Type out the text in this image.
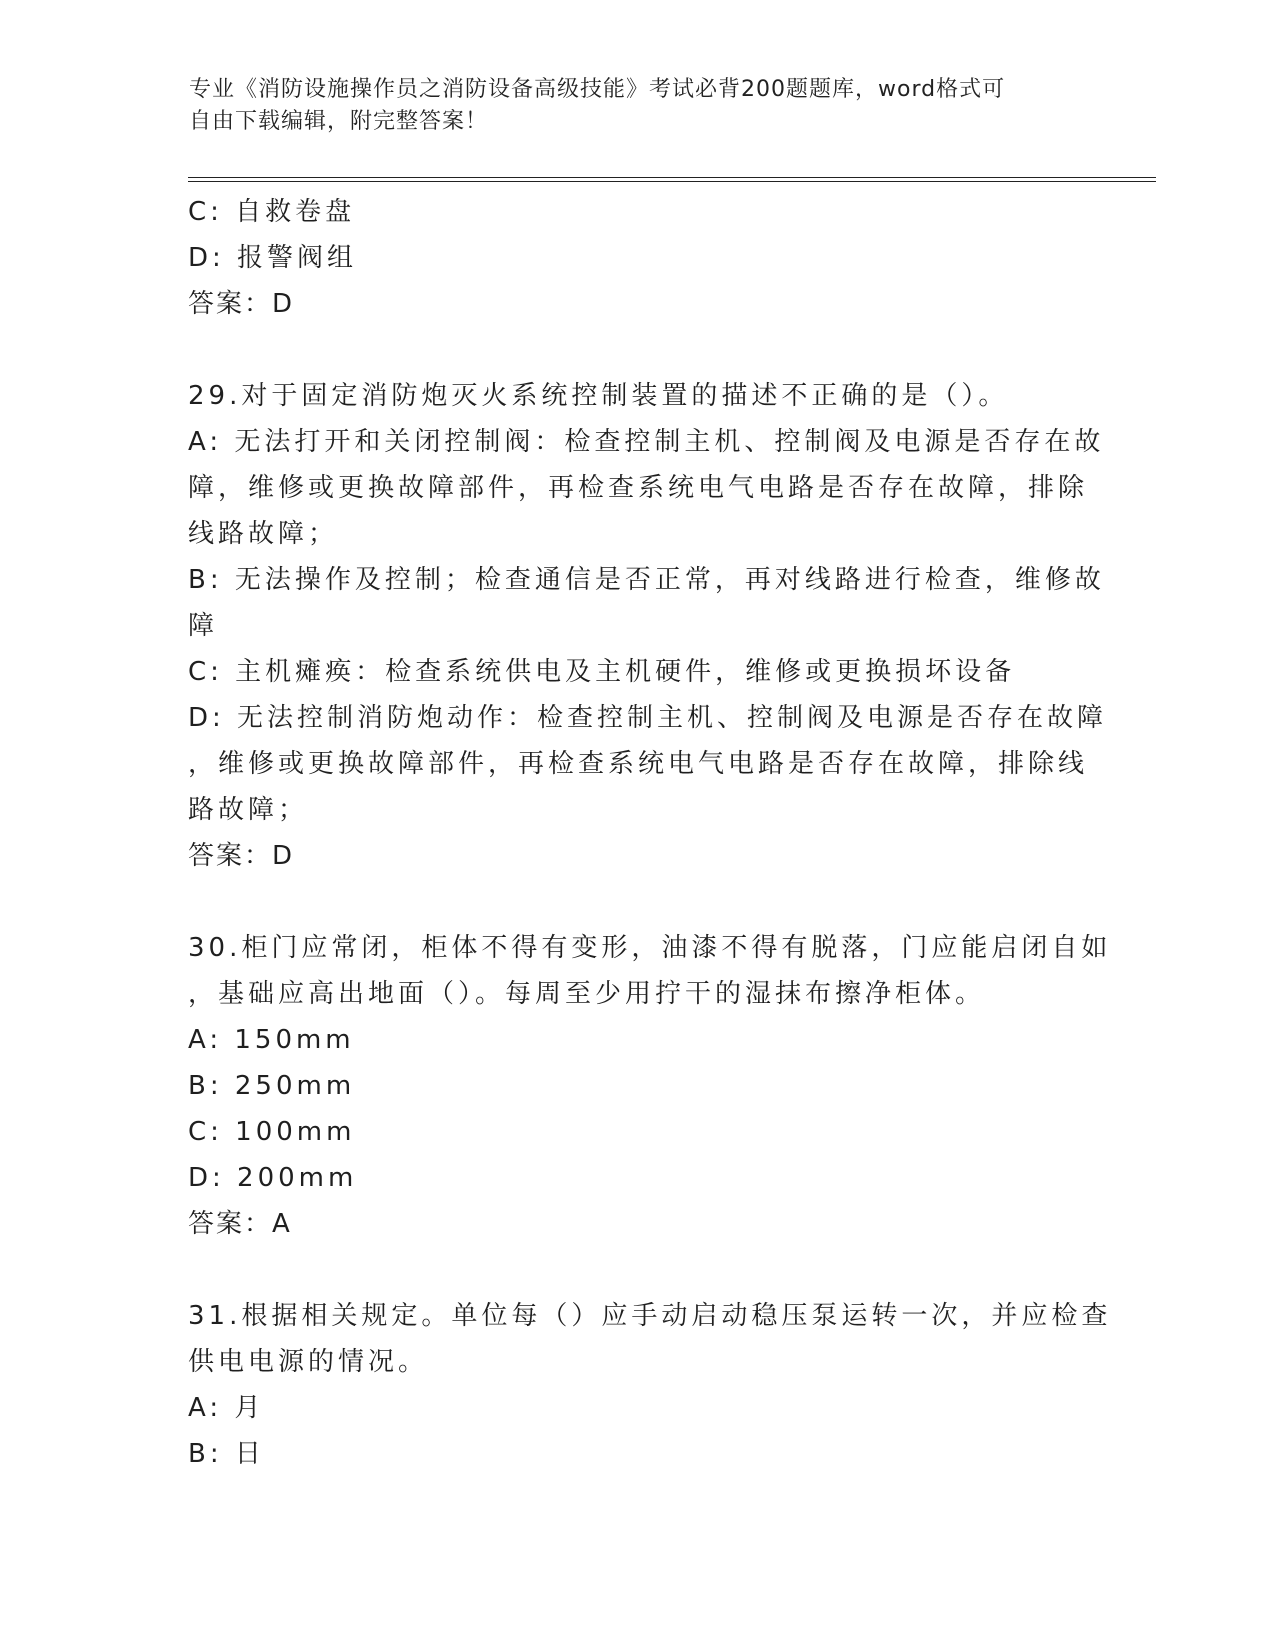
专业《消防设施操作员之消防设备高级技能》考试必背200题题库，word格式可
自由下载编辑，附完整答案！
C: 自救卷盘
D: 报警阀组
答案：D
29.对于固定消防炮灭火系统控制装置的描述不正确的是（）。
A: 无法打开和关闭控制阀：检查控制主机、控制阀及电源是否存在故
障，维修或更换故障部件，再检查系统电气电路是否存在故障，排除
线路故障；
B: 无法操作及控制；检查通信是否正常，再对线路进行检查，维修故
障
C: 主机瘫痪：检查系统供电及主机硬件，维修或更换损坏设备
D: 无法控制消防炮动作：检查控制主机、控制阀及电源是否存在故障
，维修或更换故障部件，再检查系统电气电路是否存在故障，排除线
路故障；
答案：D
30.柜门应常闭，柜体不得有变形，油漆不得有脱落，门应能启闭自如
，基础应高出地面（）。每周至少用拧干的湿抹布擦净柜体。
A: 150mm
B: 250mm
C: 100mm
D: 200mm
答案：A
31.根据相关规定。单位每（）应手动启动稳压泵运转一次，并应检查
供电电源的情况。
A: 月
B: 日
